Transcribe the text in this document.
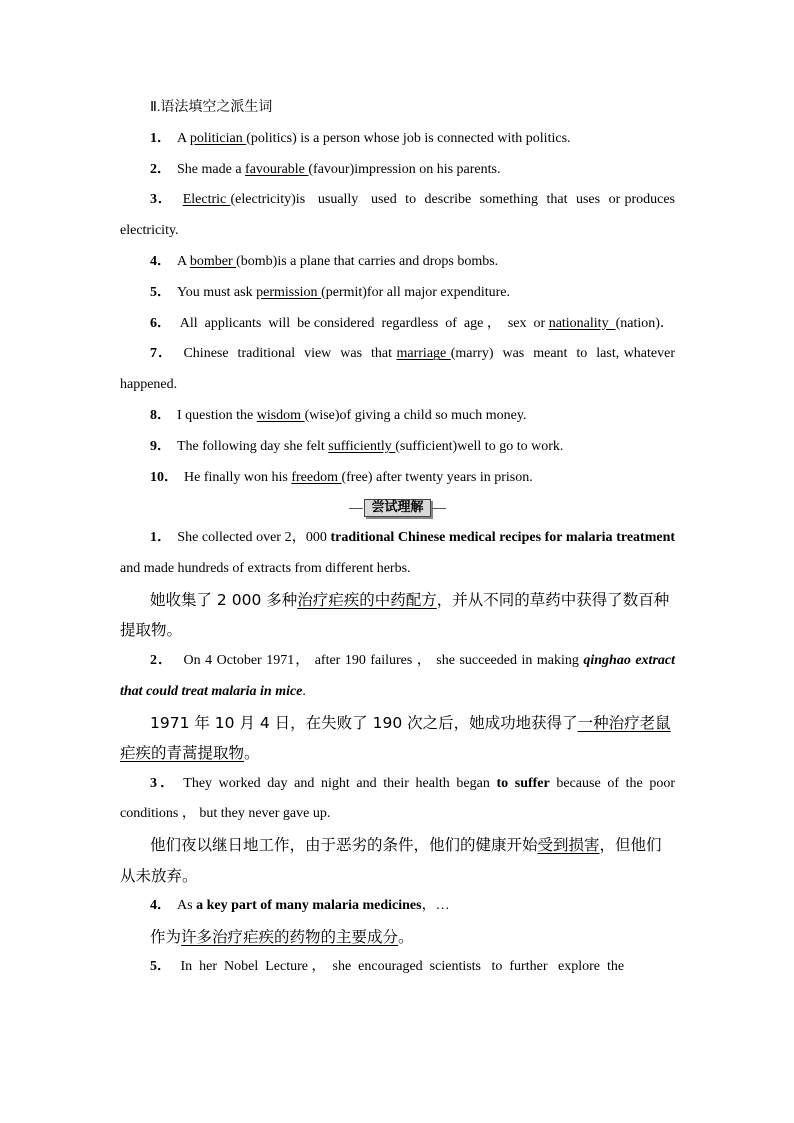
Ⅱ.语法填空之派生词

1． A politician (politics) is a person whose job is connected with politics.

2． She made a favourable (favour)impression on his parents.

3． Electric (electricity)is   usually   used  to  describe  something  that  uses  or produces electricity.

4． A bomber (bomb)is a plane that carries and drops bombs.

5． You must ask permission (permit)for all major expenditure.

6． All  applicants  will  be considered  regardless  of  age ，  sex  or nationality  (nation)．

7． Chinese  traditional  view  was  that marriage (marry)  was  meant  to  last, whatever happened.

8． I question the wisdom (wise)of giving a child so much money.

9． The following day she felt sufficiently (sufficient)well to go to work.

10． He finally won his freedom (free) after twenty years in prison.

尝试理解

1． She collected over 2，000 traditional Chinese medical recipes for malaria treatment and made hundreds of extracts from different herbs.

她收集了 2 000 多种治疗疟疾的中药配方，并从不同的草药中获得了数百种提取物。

2． On 4 October 1971， after 190 failures ， she succeeded in making qinghao extract that could treat malaria in mice.

1971 年 10 月 4 日，在失败了 190 次之后，她成功地获得了一种治疗老鼠疟疾的青蒿提取物。

3． They worked day and night and their health began to suffer because of the poor conditions ， but they never gave up.

他们夜以继日地工作，由于恶劣的条件，他们的健康开始受到损害，但他们从未放弃。

4． As a key part of many malaria medicines，…

作为许多治疗疟疾的药物的主要成分。

5． In  her  Nobel  Lecture ，  she  encouraged  scientists   to  further   explore  the
